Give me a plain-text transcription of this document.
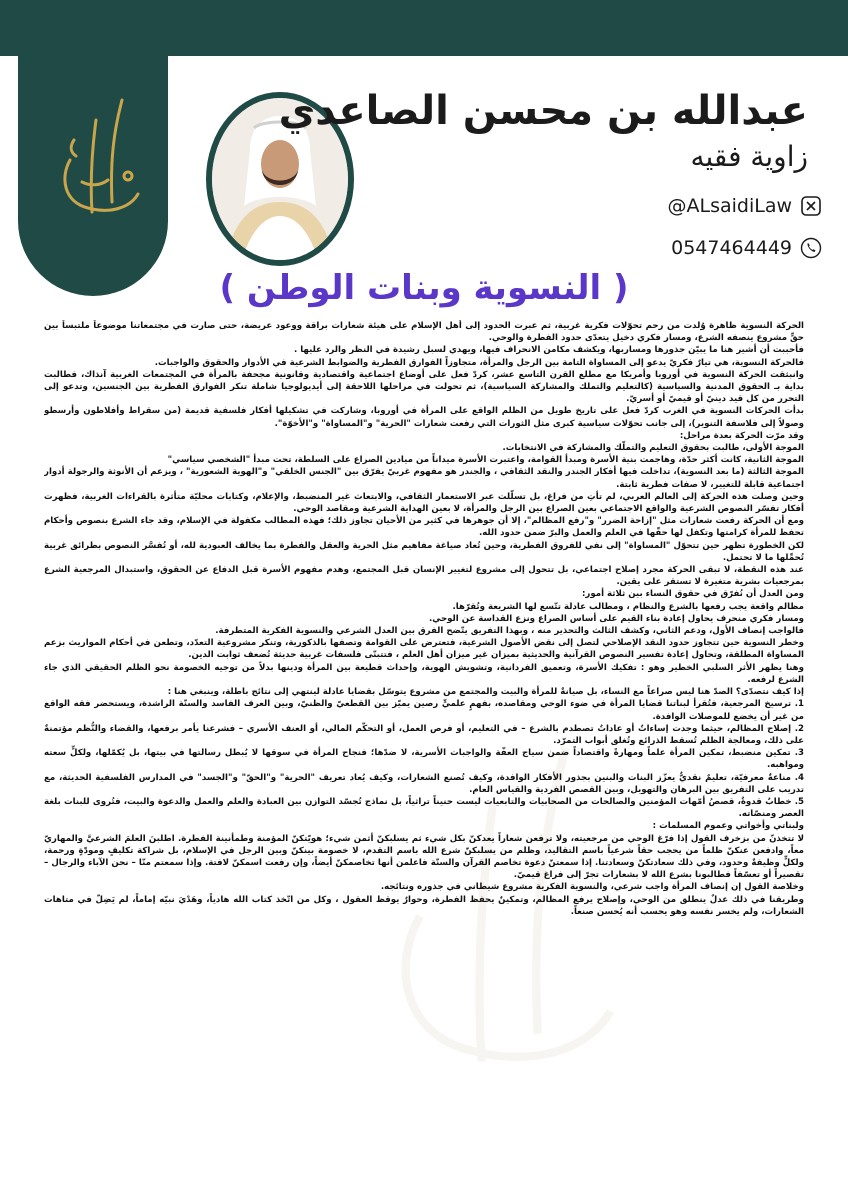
عبدالله بن محسن الصاعدي
زاوية فقيه
@ALsaidiLaw
0547464449
( النسوية وبنات الوطن )

الحركة النسوية ظاهرة وُلدت من رحم تحوّلات فكرية غربية، ثم عبرت الحدود إلى أهل الإسلام على هيئة شعارات براقة ووعود عريضة، حتى صارت في مجتمعاتنا موضوعاً ملتبساً بين حقٍّ مشروع ينصفه الشرع، ومسار فكري دخيل يتعدّى حدود الفطرة والوحي.

فأحببت أن أشير هنا ما يبيّن جذورها ومساربها، ويكشف مكامن الانحراف فيها، ويهدي لسبل رشيدة في النظر والرد عليها .

فالحركة النسوية، هي تيارٌ فكريّ يدعو إلى المساواة التامة بين الرجل والمرأة، متجاوزاً الفوارق الفطرية والضوابط الشرعية في الأدوار والحقوق والواجبات.

وانبثقت الحركة النسوية في أوروبا وأمريكا مع مطلع القرن التاسع عشر، كردّ فعل على أوضاع اجتماعية واقتصادية وقانونية مجحفة بالمرأة في المجتمعات الغربية آنذاك، فطالبت بداية بـ الحقوق المدنية والسياسية (كالتعليم والتملك والمشاركة السياسية)، ثم تحولت في مراحلها اللاحقة إلى أيديولوجيا شاملة تنكر الفوارق الفطرية بين الجنسين، وتدعو إلى التحرر من كل قيد دينيّ أو قيميّ أو أسريّ.

بدأت الحركات النسوية في الغرب كردّ فعل على تاريخ طويل من الظلم الواقع على المرأة في أوروبا، وشاركت في تشكيلها أفكار فلسفية قديمة (من سقراط وأفلاطون وأرسطو وصولاً إلى فلاسفة التنوير)، إلى جانب تحوّلات سياسية كبرى مثل الثورات التي رفعت شعارات "الحرية" و"المساواة" و"الأخوّة".

وقد مرّت الحركة بعدة مراحل:

الموجة الأولى، طالبت بحقوق التعليم والتملّك والمشاركة في الانتخابات.

الموجة الثانية، كانت أكثر حدّة، وهاجمت بنية الأسرة ومبدأ القوامة، واعتبرت الأسرة ميداناً من ميادين الصراع على السلطة، تحت مبدأ "الشخصي سياسي"

الموجة الثالثة (ما بعد النسوية)، تداخلت فيها أفكار الجندر والنقد الثقافي ، والجندر هو مفهوم غربيّ يفرّق بين "الجنس الخلقي" و"الهوية الشعورية" ، ويزعم أن الأنوثة والرجولة أدوار اجتماعية قابلة للتغيير، لا صفات فطرية ثابتة.

وحين وصلت هذه الحركة إلى العالم العربي، لم تأتِ من فراغ، بل تسلّلت عبر الاستعمار الثقافي، والابتعاث غير المنضبط، والإعلام، وكتابات محليّة متأثرة بالقراءات الغربية، فظهرت أفكار تفسّر النصوص الشرعية والواقع الاجتماعي بعين الصراع بين الرجل والمرأة، لا بعين الهداية الشرعية ومقاصد الوحي.

ومع أن الحركة رفعت شعارات مثل "إزاحة الضرر" و"رفع المظالم"، إلا أن جوهرها في كثير من الأحيان تجاوز ذلك؛ فهذه المطالب مكفولة في الإسلام، وقد جاء الشرع بنصوص وأحكام تحفظ للمرأة كرامتها وتكفل لها حقّها في العلم والعمل والبرّ ضمن حدود الله.

لكن الخطورة تظهر حين تتحوّل "المساواة" إلى نفي للفروق الفطرية، وحين تُعاد صياغة مفاهيم مثل الحرية والعقل والفطرة بما يخالف العبودية لله، أو تُفسَّر النصوص بطرائق غربية تُحمِّلها ما لا تحتمل.

عند هذه النقطة، لا تبقى الحركة مجرد إصلاح اجتماعي، بل تتحول إلى مشروع لتغيير الإنسان قبل المجتمع، وهدم مفهوم الأسرة قبل الدفاع عن الحقوق، واستبدال المرجعية الشرع بمرجعيات بشرية متغيرة لا تستقر على يقين.

ومن العدل أن نُفرّق في حقوق النساء بين ثلاثة أمور:

مظالم واقعة يجب رفعها بالشرع والنظام ، ومطالب عادلة تتّسع لها الشريعة وتُقرّها.

ومسار فكري منحرف يحاول إعادة بناء القيم على أساس الصراع ونزع القداسة عن الوحي.

فالواجب إنصاف الأول، ودعم الثاني، وكشف الثالث والتحذير منه ، وبهذا التفريق يتّضح الفرق بين العدل الشرعي والنسوية الفكرية المتطرفة.

وخطر النسوية حين تتجاوز حدود النقد الإصلاحي لتصل إلى نقض الأصول الشرعية، فتعترض على القوامة وتصفها بالذكورية، وتنكر مشروعية التعدّد، وتطعن في أحكام المواريث بزعم المساواة المطلقة، وتحاول إعادة تفسير النصوص القرآنية والحديثية بميزان غير ميزان أهل العلم ، فتتبنّى فلسفات غربية حديثة تُضعف ثوابت الدين.

وهنا يظهر الأثر السلبي الخطير وهو : تفكيك الأسرة، وتعميق الفردانية، وتشويش الهوية، وإحداث قطيعة بين المرأة ودينها بدلاً من توجيه الخصومة نحو الظلم الحقيقي الذي جاء الشرع لرفعه.

إذا كيف نتصدّى؟ الصدّ هنا ليس صراعاً مع النساء، بل صيانةٌ للمرأة والبيت والمجتمع من مشروع يتوسّل بقضايا عادلة لينتهي إلى نتائج باطلة، وينبغي هنا :

1. ترسيخ المرجعية، فتُقرأ لبناتنا قضايا المرأة في ضوء الوحي ومقاصده، بفهمٍ علميٍّ رصين يميّز بين القطعيّ والظنيّ، وبين العرف الفاسد والسنّة الراشدة، ويستحضر فقه الواقع من غير أن يخضع للموصلات الوافدة.

2. إصلاح المظالم، حيثما وجدت إساءاتٌ أو عاداتٌ تصطدم بالشرع – في التعليم، أو فرص العمل، أو التحكّم المالي، أو العنف الأسري – فشرعنا يأمر برفعها، والقضاء والنُّظم مؤتمنةٌ على ذلك، ومعالجة الظلم تُسقط الذرائع وتُغلق أبواب التمرّد.

3. تمكين منضبط، تمكين المرأة علماً ومهارةً واقتصاداً ضمن سياج العفّة والواجبات الأسرية، لا ضدّها؛ فنجاح المرأة في سوقها لا يُبطل رسالتها في بيتها، بل يُكمّلها، ولكلٍّ سعته ومواهبه.

4. مناعةٌ معرفيّة، تعليمٌ نقديٌّ يعزّز البنات والبنين بجذور الأفكار الوافدة، وكيف تُصنع الشعارات، وكيف يُعاد تعريف "الحرية" و"الحقّ" و"الجسد" في المدارس الفلسفية الحديثة، مع تدريب على التفريق بين البرهان والتهويل، وبين القصص الفردية والقياس العام.

5. خطابٌ قدوةٌ، قصصُ أمّهات المؤمنين والصالحات من الصحابيات والتابعيات ليست حنيناً تراثياً، بل نماذج تُجسّد التوازن بين العبادة والعلم والعمل والدعوة والبيت، فتُروى للبنات بلغة العصر ومنصّاته.

ولبناتي وأخواتي وعموم المسلمات :

لا تتخذنّ من بزخرف القول إذا فرّغ الوحي من مرجعيته، ولا ترفعن شعاراً يعدكنّ بكل شيء ثم يسلبكنّ أثمن شيء؛ هويّتكنّ المؤمنة وطمأنينة الفطرة. اطلبنَ العلمَ الشرعيَّ والمهاريّ معاً، وادفعن عنكنّ ظلماً من يحجب حقاً شرعياً باسم التقاليد، وظلم من يسلبكنّ شرع الله باسم التقدم، لا خصومة بينكنّ وبين الرجل في الإسلام، بل شراكة تكليفٍ ومودّةٍ ورحمة، ولكلٍّ وظيفةٌ وحدود، وفي ذلك سعادتكنّ وسعادتنا. إذا سمعتنّ دعوة تخاصم القرآن والسنّة فاعلمن أنها تخاصمكنّ أيضاً، وإن رفعت اسمكنّ لافتة. وإذا سمعتم منّا – نحن الآباء والرجال – تقصيراً أو تعسّفاً فطالبونا بشرع الله لا بشعارات تجرّ إلى فراغ قيميّ.

وخلاصة القول إن إنصاف المرأة واجب شرعي، والنسوية الفكرية مشروع شيطاني في جذوره ونتائجه.

وطريقنا في ذلك عدلٌ ينطلق من الوحي، وإصلاح يرفع المظالم، وتمكينٌ يحفظ الفطرة، وحوارٌ يوقظ العقول ، وكل من اتّخذ كتاب الله هادياً، وهَدْيَ نبيّه إماماً، لم يَضِلّ في متاهات الشعارات، ولم يخسر نفسه وهو يحسب أنه يُحسن صنعاً.
